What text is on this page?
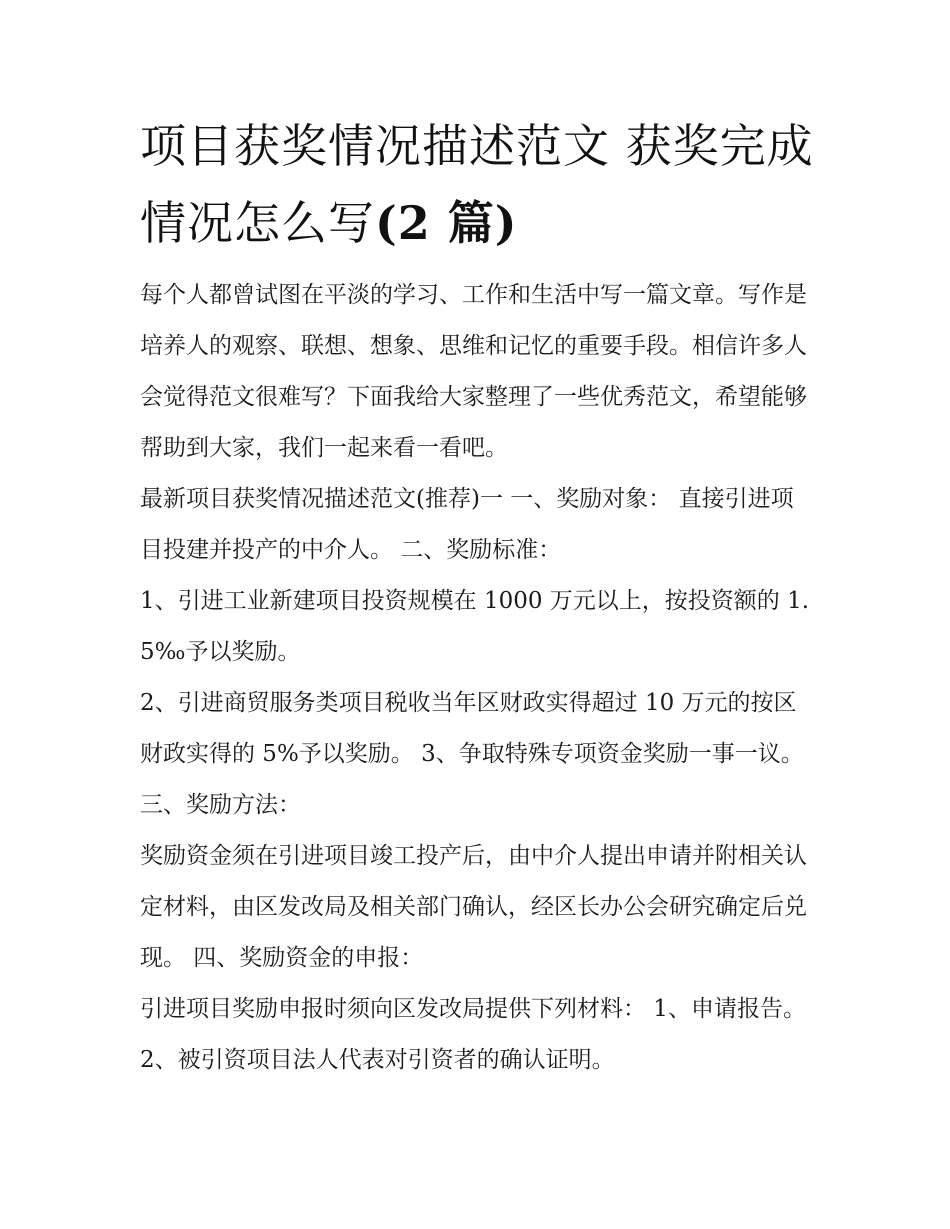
项目获奖情况描述范文 获奖完成情况怎么写(2 篇)

每个人都曾试图在平淡的学习、工作和生活中写一篇文章。写作是培养人的观察、联想、想象、思维和记忆的重要手段。相信许多人会觉得范文很难写？下面我给大家整理了一些优秀范文，希望能够帮助到大家，我们一起来看一看吧。

最新项目获奖情况描述范文(推荐)一 一、奖励对象： 直接引进项目投建并投产的中介人。 二、奖励标准：

1、引进工业新建项目投资规模在 1000 万元以上，按投资额的 1.5‰予以奖励。

2、引进商贸服务类项目税收当年区财政实得超过 10 万元的按区财政实得的 5%予以奖励。 3、争取特殊专项资金奖励一事一议。 三、奖励方法：

奖励资金须在引进项目竣工投产后，由中介人提出申请并附相关认定材料，由区发改局及相关部门确认，经区长办公会研究确定后兑现。 四、奖励资金的申报：

引进项目奖励申报时须向区发改局提供下列材料： 1、申请报告。 2、被引资项目法人代表对引资者的确认证明。
